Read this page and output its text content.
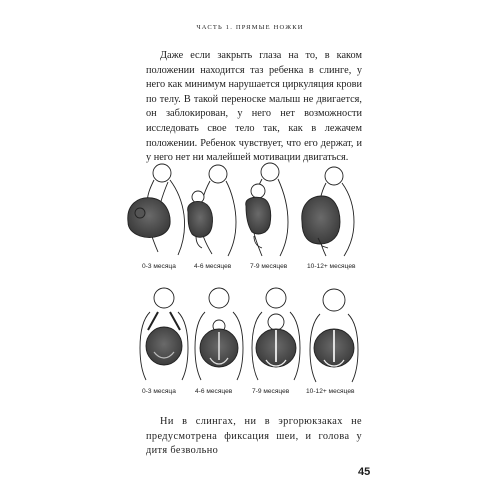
ЧАСТЬ 1. ПРЯМЫЕ НОЖКИ

Даже если закрыть глаза на то, в каком положении находится таз ребенка в слинге, у него как минимум нарушается циркуляция крови по телу. В такой переноске малыш не двигается, он заблокирован, у него нет возможности исследовать свое тело так, как в лежачем положении. Ребенок чувствует, что его держат, и у него нет ни малейшей мотивации двигаться.

0-3 месяца	4-6 месяцев	7-9 месяцев	10-12+ месяцев
0-3 месяца	4-6 месяцев	7-9 месяцев	10-12+ месяцев

Ни в слингах, ни в эргорюкзаках не предусмотрена фиксация шеи, и голова у дитя безвольно

45
